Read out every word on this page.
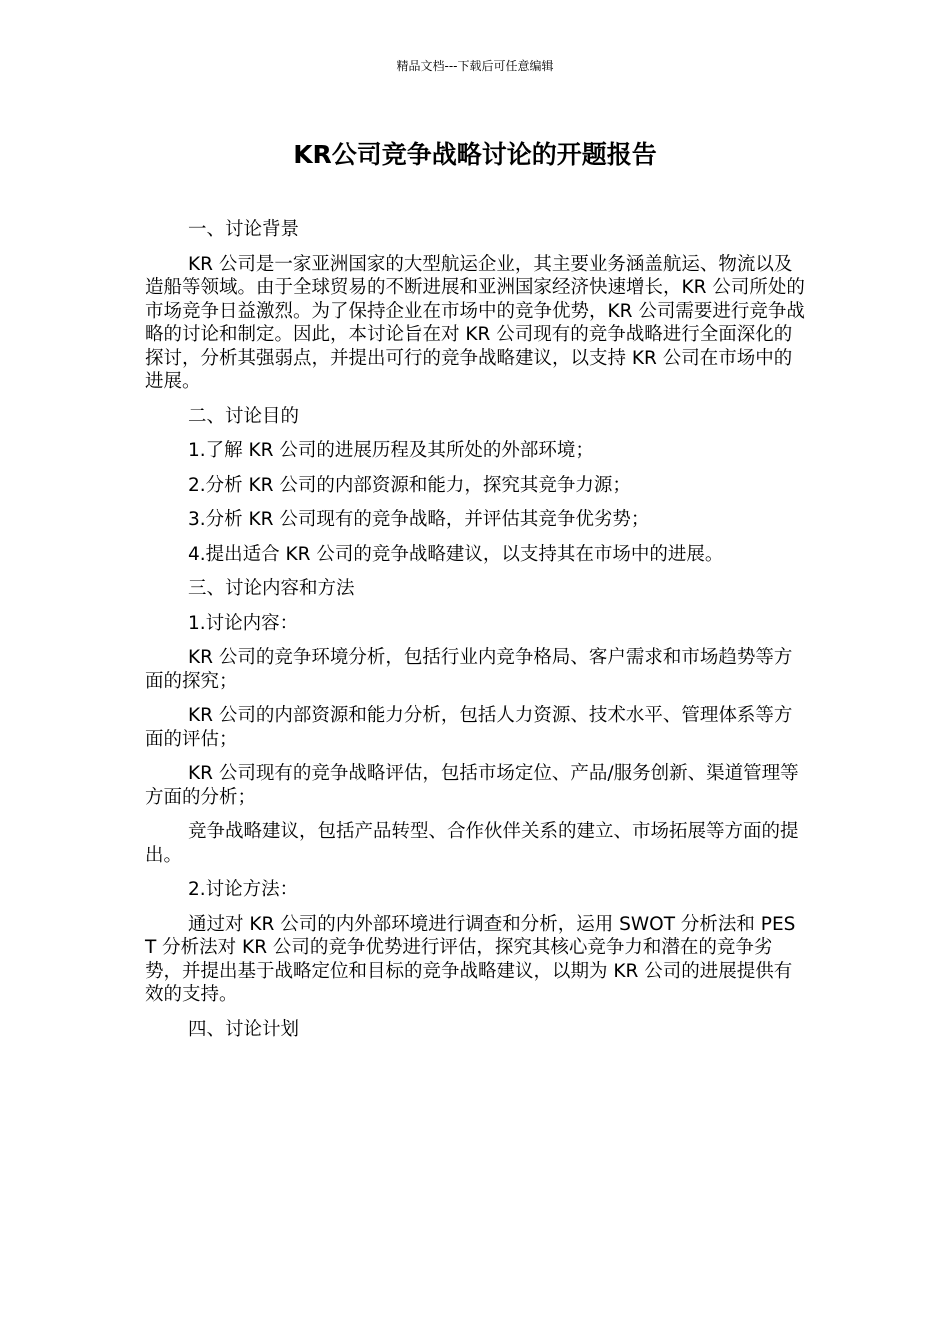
精品文档---下载后可任意编辑
KR公司竞争战略讨论的开题报告

一、讨论背景

KR 公司是一家亚洲国家的大型航运企业，其主要业务涵盖航运、物流以及造船等领域。由于全球贸易的不断进展和亚洲国家经济快速增长，KR 公司所处的市场竞争日益激烈。为了保持企业在市场中的竞争优势，KR 公司需要进行竞争战略的讨论和制定。因此，本讨论旨在对 KR 公司现有的竞争战略进行全面深化的探讨，分析其强弱点，并提出可行的竞争战略建议，以支持 KR 公司在市场中的进展。

二、讨论目的

1.了解 KR 公司的进展历程及其所处的外部环境；

2.分析 KR 公司的内部资源和能力，探究其竞争力源；

3.分析 KR 公司现有的竞争战略，并评估其竞争优劣势；

4.提出适合 KR 公司的竞争战略建议，以支持其在市场中的进展。

三、讨论内容和方法

1.讨论内容：

KR 公司的竞争环境分析，包括行业内竞争格局、客户需求和市场趋势等方面的探究；

KR 公司的内部资源和能力分析，包括人力资源、技术水平、管理体系等方面的评估；

KR 公司现有的竞争战略评估，包括市场定位、产品/服务创新、渠道管理等方面的分析；

竞争战略建议，包括产品转型、合作伙伴关系的建立、市场拓展等方面的提出。

2.讨论方法：

通过对 KR 公司的内外部环境进行调查和分析，运用 SWOT 分析法和 PEST 分析法对 KR 公司的竞争优势进行评估，探究其核心竞争力和潜在的竞争劣势，并提出基于战略定位和目标的竞争战略建议，以期为 KR 公司的进展提供有效的支持。

四、讨论计划
